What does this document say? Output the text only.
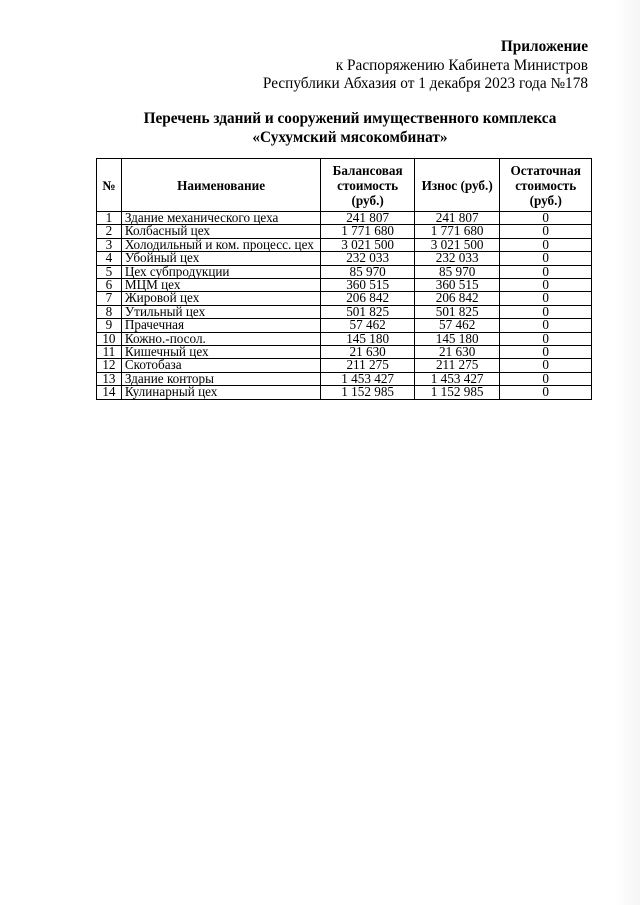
Приложение
к Распоряжению Кабинета Министров
Республики Абхазия от 1 декабря 2023 года №178
Перечень зданий и сооружений имущественного комплекса
«Сухумский мясокомбинат»
№	Наименование	Балансовая стоимость (руб.)	Износ (руб.)	Остаточная стоимость (руб.)
1	Здание механического цеха	241 807	241 807	0
2	Колбасный цех	1 771 680	1 771 680	0
3	Холодильный и ком. процесс. цех	3 021 500	3 021 500	0
4	Убойный цех	232 033	232 033	0
5	Цех субпродукции	85 970	85 970	0
6	МЦМ цех	360 515	360 515	0
7	Жировой цех	206 842	206 842	0
8	Утильный цех	501 825	501 825	0
9	Прачечная	57 462	57 462	0
10	Кожно.-посол.	145 180	145 180	0
11	Кишечный цех	21 630	21 630	0
12	Скотобаза	211 275	211 275	0
13	Здание конторы	1 453 427	1 453 427	0
14	Кулинарный цех	1 152 985	1 152 985	0
